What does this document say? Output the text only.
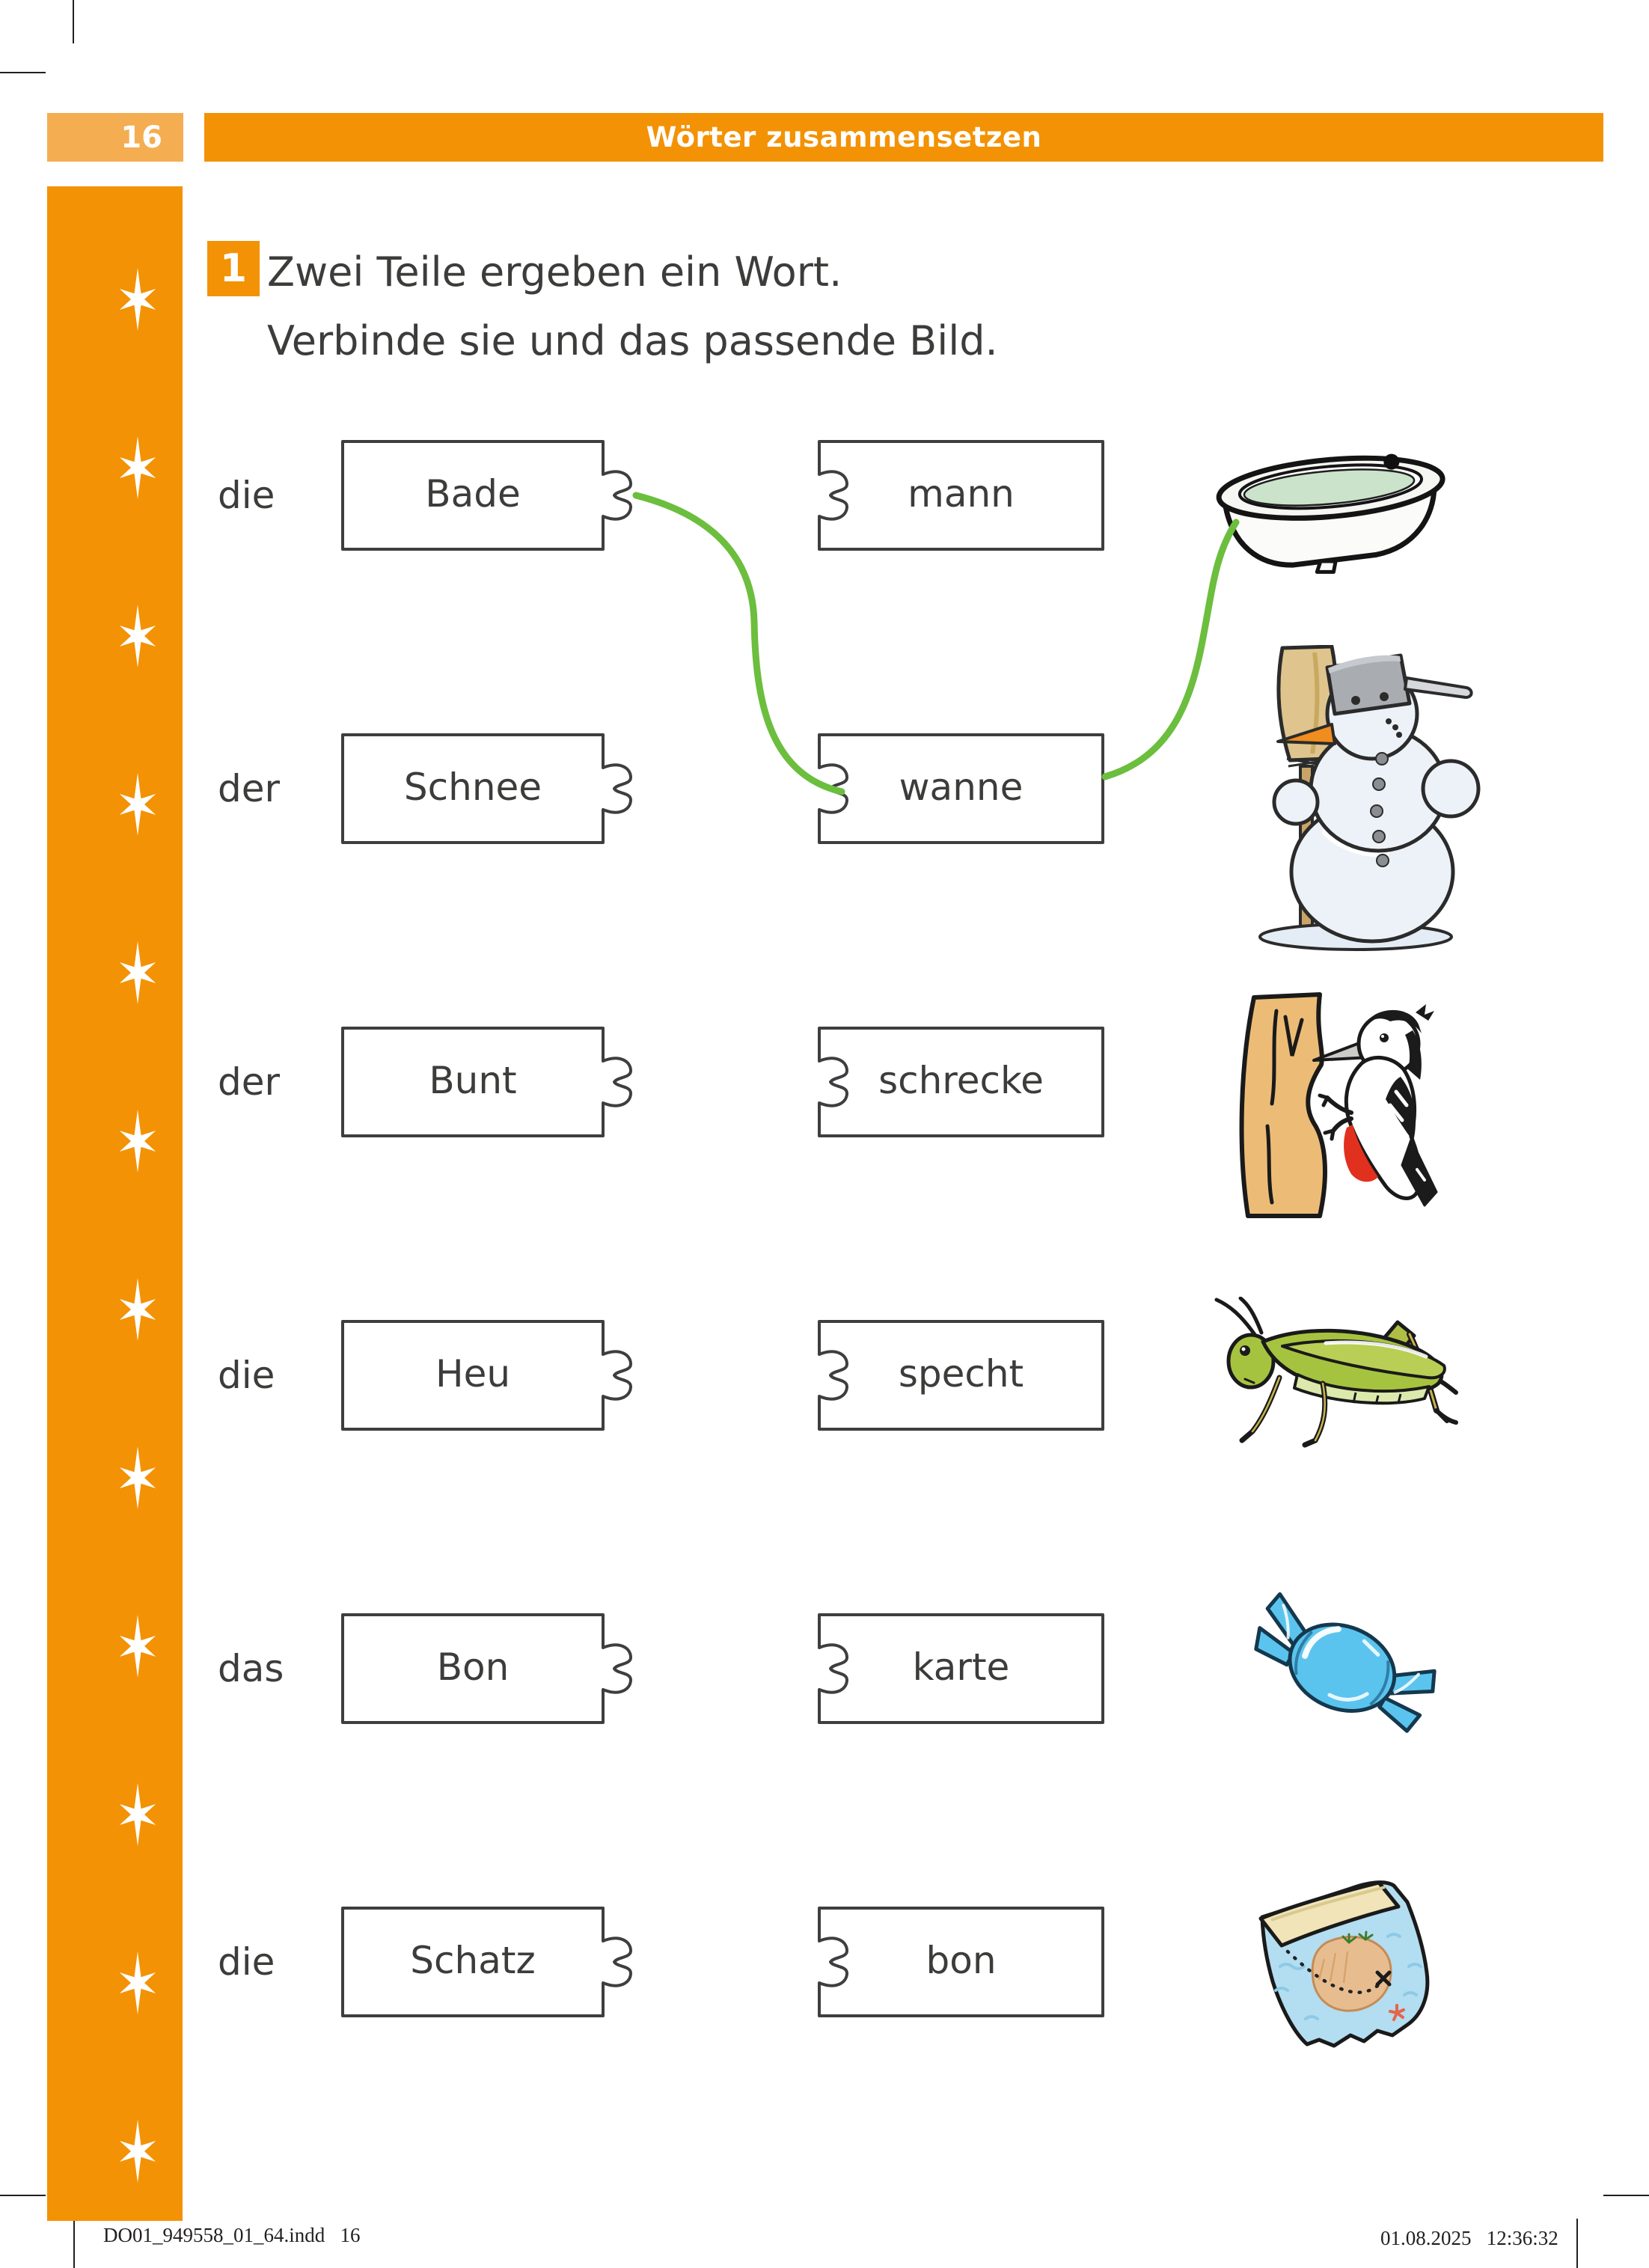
16	Wörter zusammensetzen
1 Zwei Teile ergeben ein Wort.
Verbinde sie und das passende Bild.
die	Bade	mann
der	Schnee	wanne
der	Bunt	schrecke
die	Heu	specht
das	Bon	karte
die	Schatz	bon
DO01_949558_01_64.indd   16	01.08.2025   12:36:32
